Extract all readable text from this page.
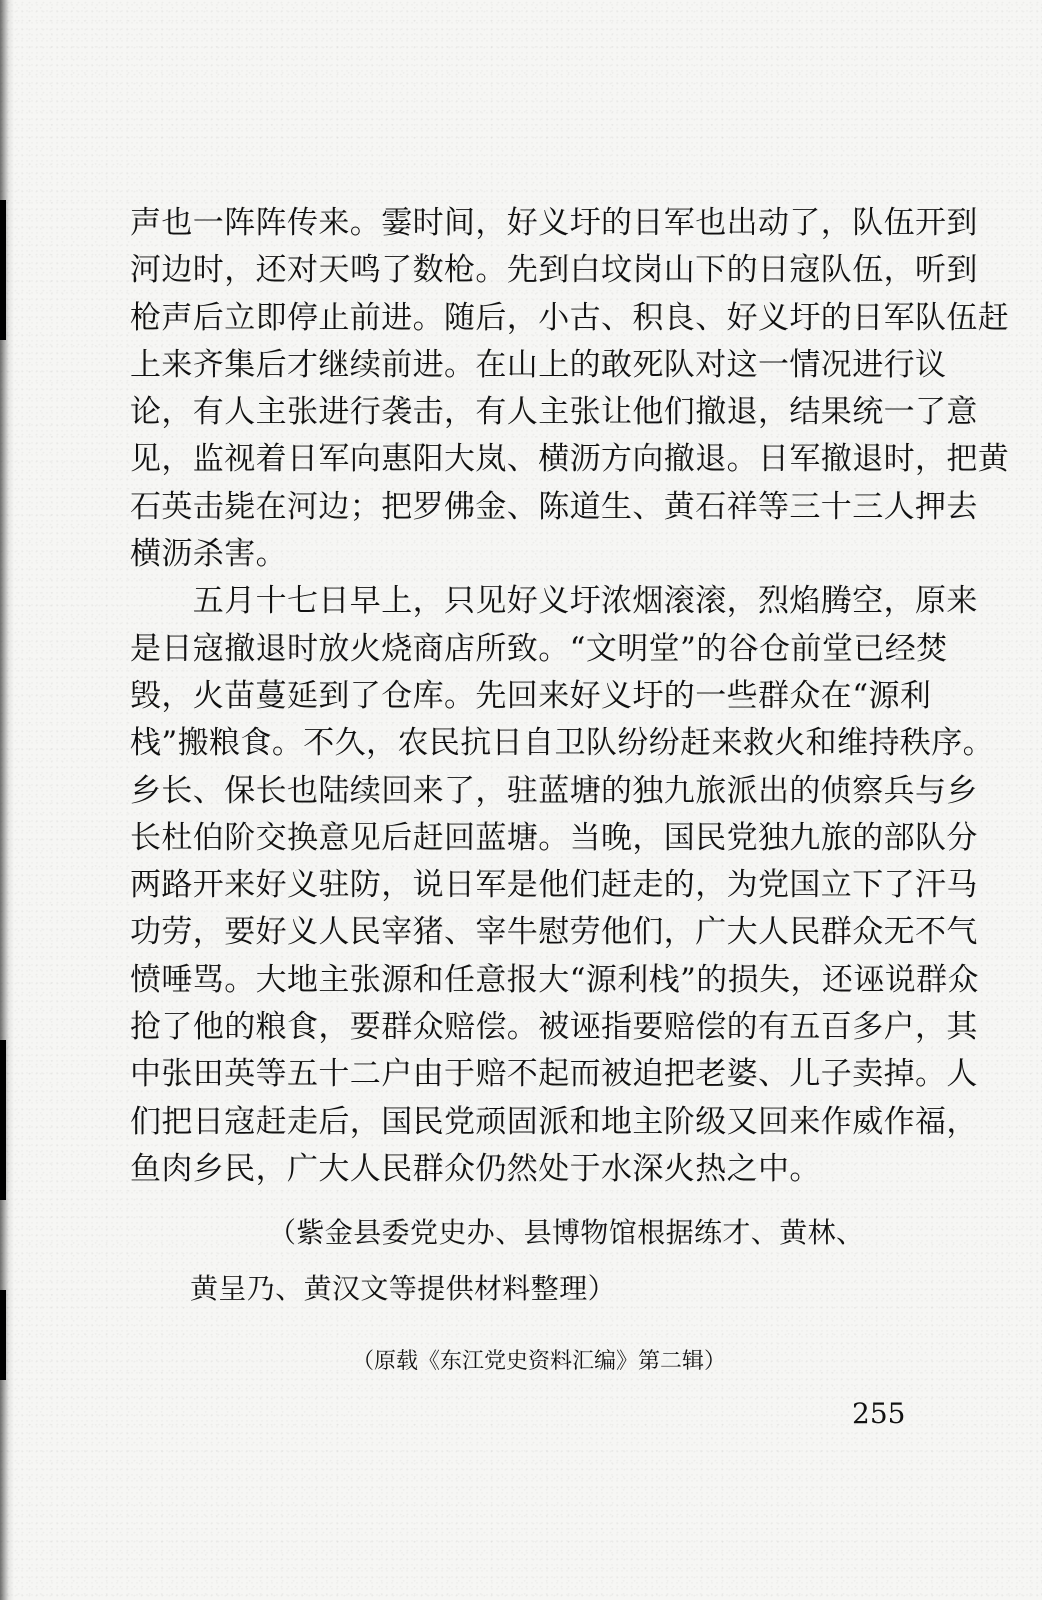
声也一阵阵传来。霎时间，好义圩的日军也出动了，队伍开到
河边时，还对天鸣了数枪。先到白坟岗山下的日寇队伍，听到
枪声后立即停止前进。随后，小古、积良、好义圩的日军队伍赶
上来齐集后才继续前进。在山上的敢死队对这一情况进行议
论，有人主张进行袭击，有人主张让他们撤退，结果统一了意
见，监视着日军向惠阳大岚、横沥方向撤退。日军撤退时，把黄
石英击毙在河边；把罗佛金、陈道生、黄石祥等三十三人押去
横沥杀害。
　　五月十七日早上，只见好义圩浓烟滚滚，烈焰腾空，原来
是日寇撤退时放火烧商店所致。“文明堂”的谷仓前堂已经焚
毁，火苗蔓延到了仓库。先回来好义圩的一些群众在“源利
栈”搬粮食。不久，农民抗日自卫队纷纷赶来救火和维持秩序。
乡长、保长也陆续回来了，驻蓝塘的独九旅派出的侦察兵与乡
长杜伯阶交换意见后赶回蓝塘。当晚，国民党独九旅的部队分
两路开来好义驻防，说日军是他们赶走的，为党国立下了汗马
功劳，要好义人民宰猪、宰牛慰劳他们，广大人民群众无不气
愤唾骂。大地主张源和任意报大“源利栈”的损失，还诬说群众
抢了他的粮食，要群众赔偿。被诬指要赔偿的有五百多户，其
中张田英等五十二户由于赔不起而被迫把老婆、儿子卖掉。人
们把日寇赶走后，国民党顽固派和地主阶级又回来作威作福，
鱼肉乡民，广大人民群众仍然处于水深火热之中。
（紫金县委党史办、县博物馆根据练才、黄林、
黄呈乃、黄汉文等提供材料整理）
（原载《东江党史资料汇编》第二辑）
255
